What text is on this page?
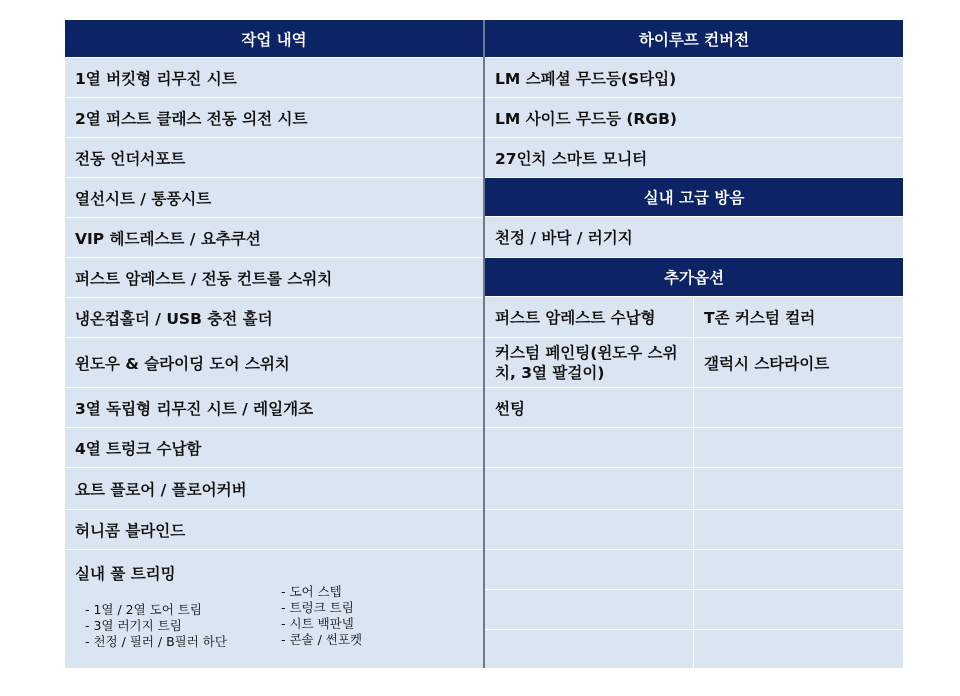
작업 내역
1열 버킷형 리무진 시트
2열 퍼스트 클래스 전동 의전 시트
전동 언더서포트
열선시트 / 통풍시트
VIP 헤드레스트 / 요추쿠션
퍼스트 암레스트 / 전동 컨트롤 스위치
냉온컵홀더 / USB 충전 홀더
윈도우 & 슬라이딩 도어 스위치
3열 독립형 리무진 시트 / 레일개조
4열 트렁크 수납함
요트 플로어 / 플로어커버
허니콤 블라인드
실내 풀 트리밍
- 1열 / 2열 도어 트림
- 3열 러기지 트림
- 천정 / 필러 / B필러 하단
- 도어 스텝
- 트렁크 트림
- 시트 백판넬
- 콘솔 / 썬포켓
하이루프 컨버전
LM 스페셜 무드등(S타입)
LM 사이드 무드등 (RGB)
27인치 스마트 모니터
실내 고급 방음
천정 / 바닥 / 러기지
추가옵션
퍼스트 암레스트 수납형	T존 커스텀 컬러
커스텀 페인팅(윈도우 스위치, 3열 팔걸이)	갤럭시 스타라이트
썬팅
